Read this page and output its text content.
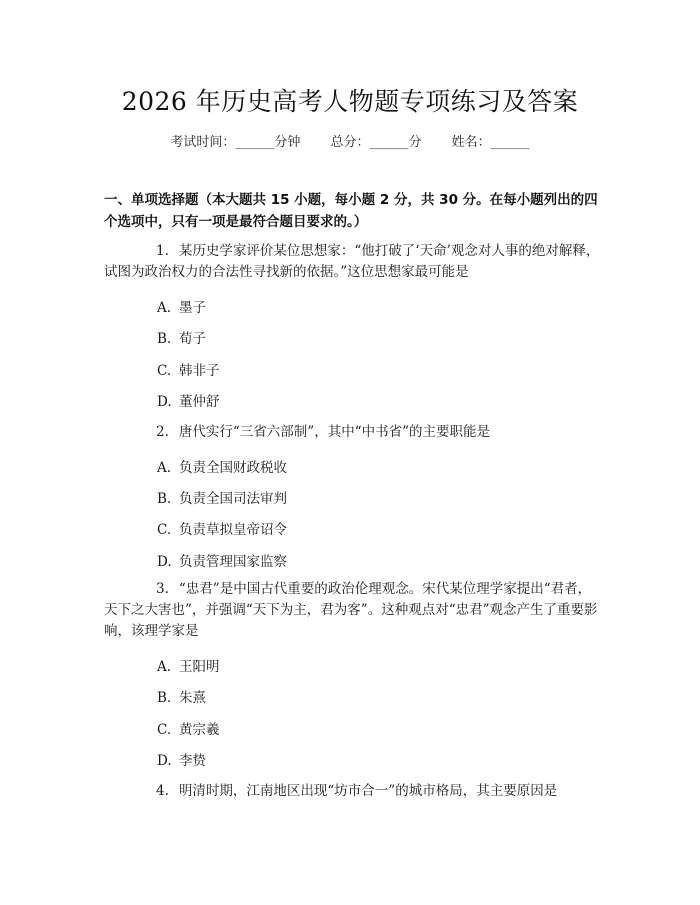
2026 年历史高考人物题专项练习及答案
考试时间：______分钟 总分：______分 姓名：______
一、单项选择题（本大题共 15 小题，每小题 2 分，共 30 分。在每小题列出的四个选项中，只有一项是最符合题目要求的。）
1. 某历史学家评价某位思想家：“他打破了‘天命’观念对人事的绝对解释，试图为政治权力的合法性寻找新的依据。”这位思想家最可能是
A. 墨子
B. 荀子
C. 韩非子
D. 董仲舒
2. 唐代实行“三省六部制”，其中“中书省”的主要职能是
A. 负责全国财政税收
B. 负责全国司法审判
C. 负责草拟皇帝诏令
D. 负责管理国家监察
3. “忠君”是中国古代重要的政治伦理观念。宋代某位理学家提出“君者，天下之大害也”，并强调“天下为主，君为客”。这种观点对“忠君”观念产生了重要影响，该理学家是
A. 王阳明
B. 朱熹
C. 黄宗羲
D. 李贽
4. 明清时期，江南地区出现“坊市合一”的城市格局，其主要原因是
